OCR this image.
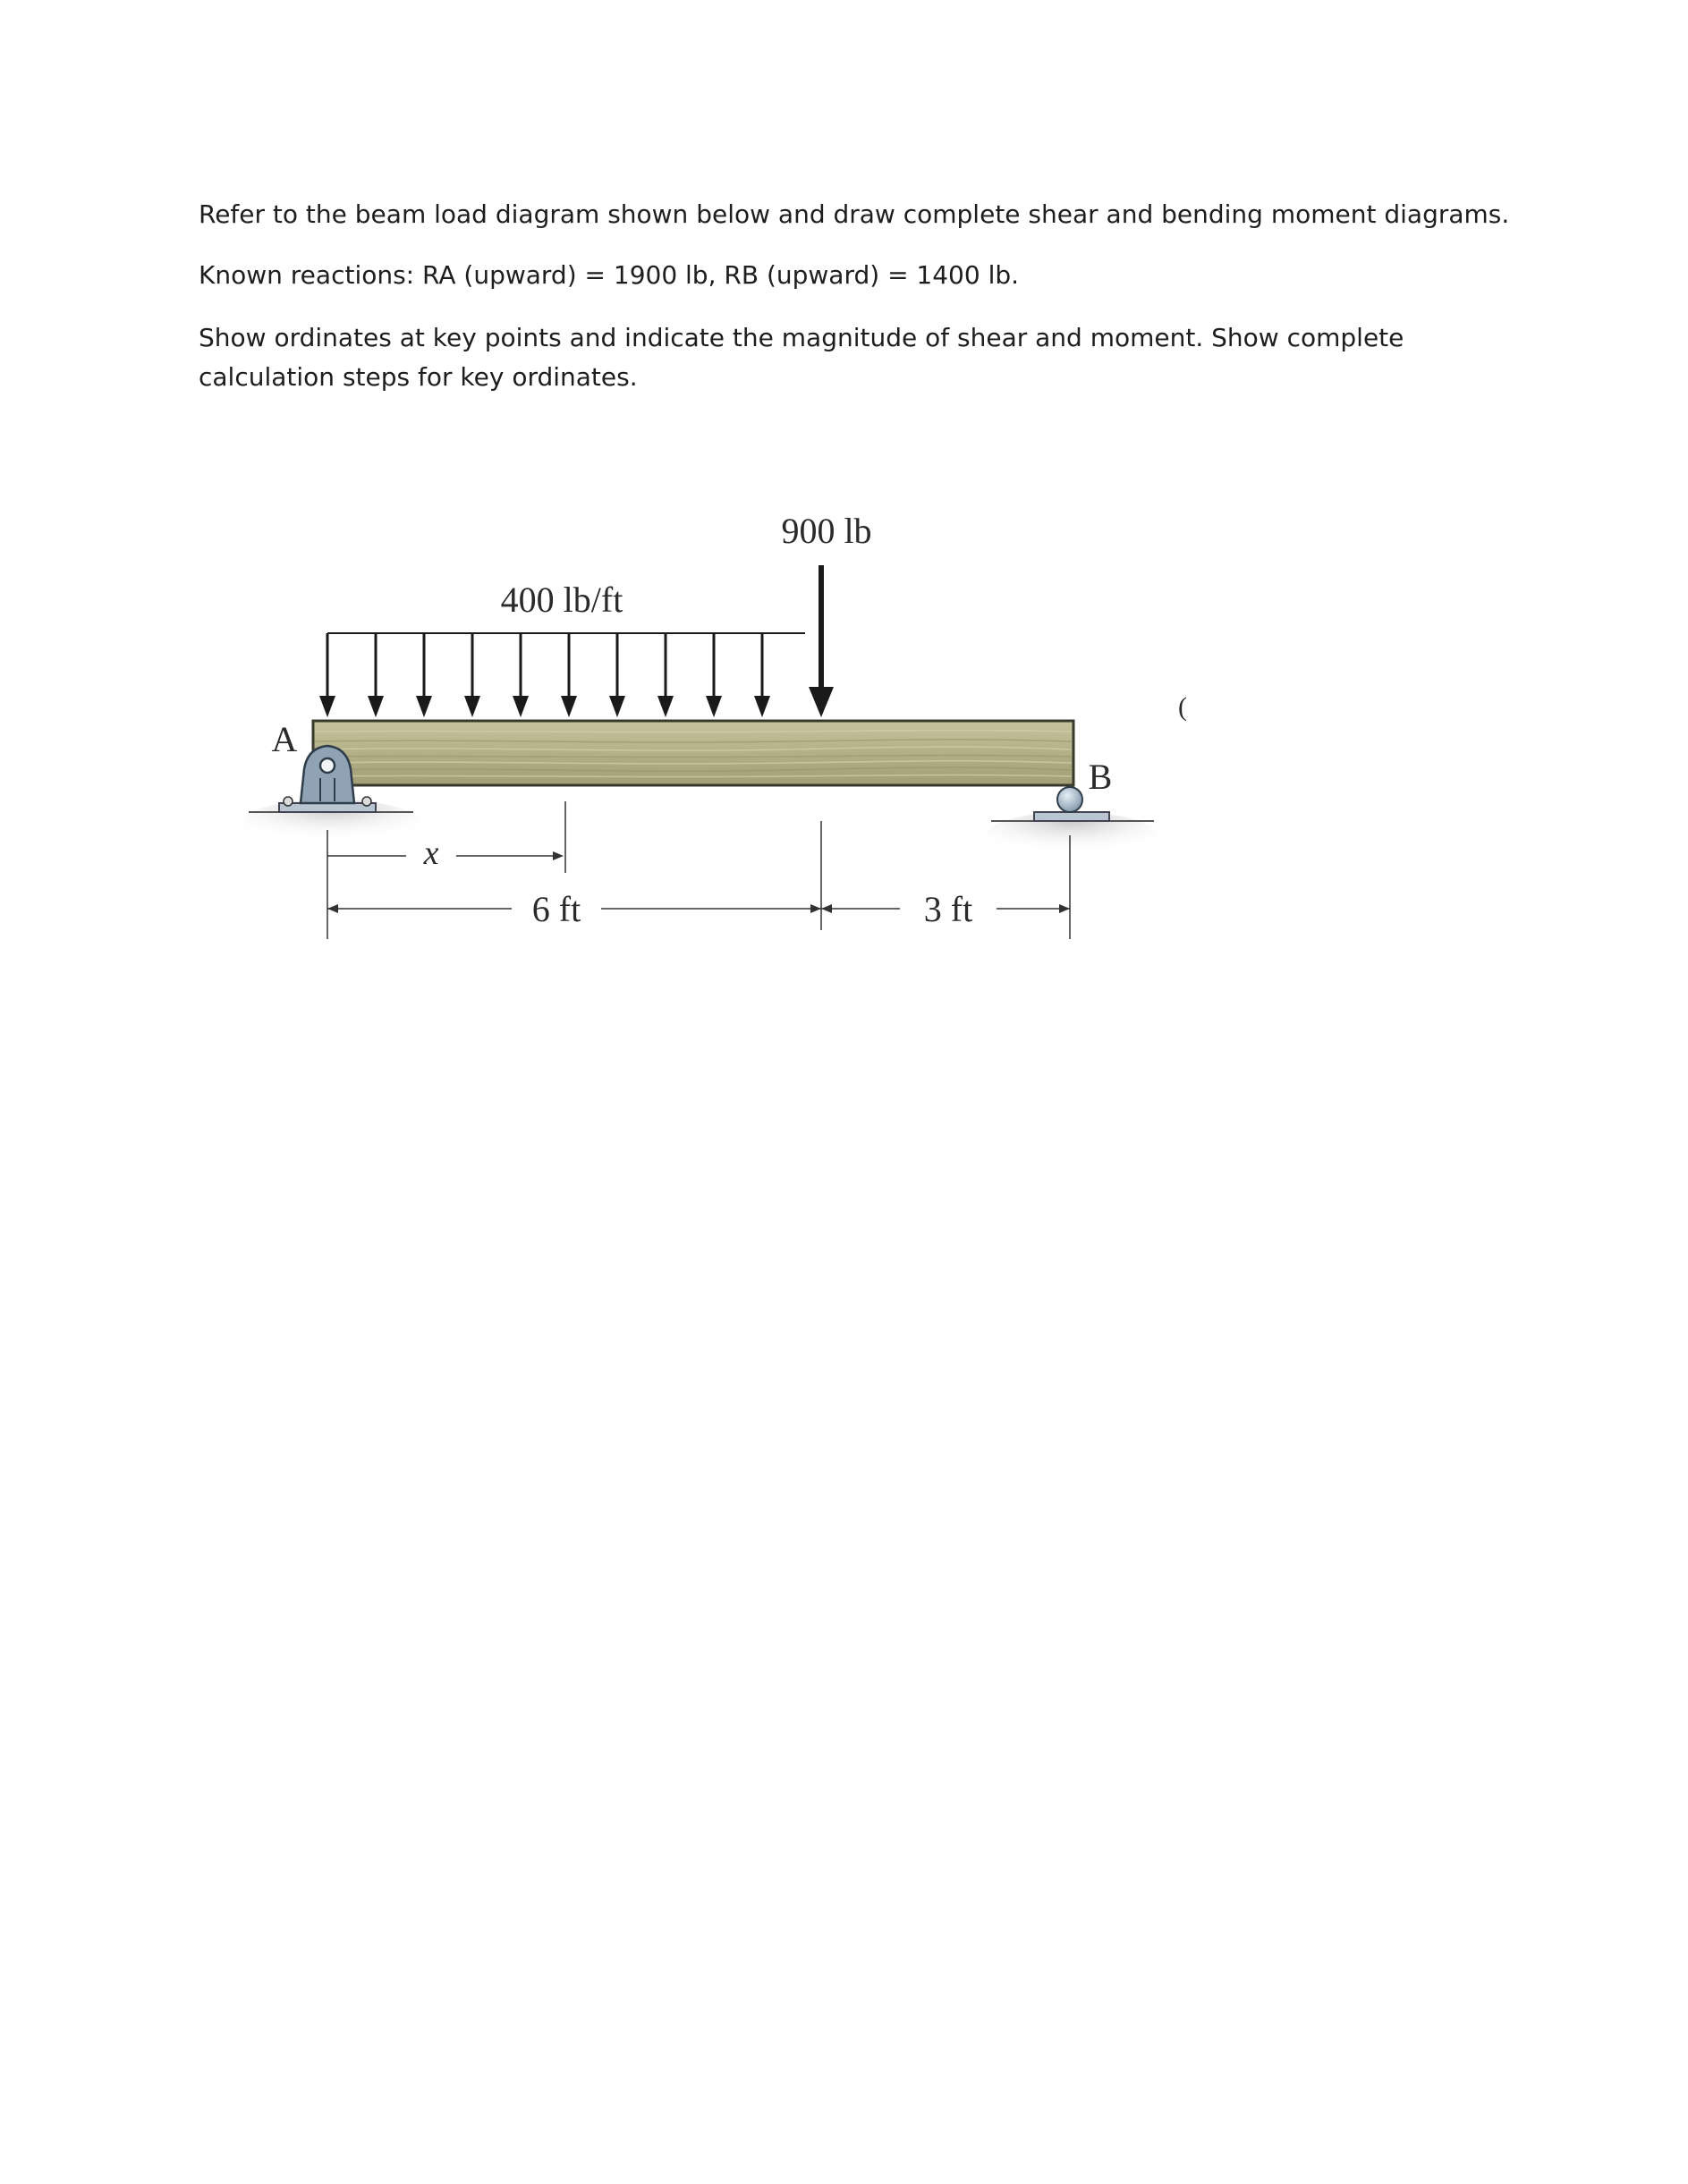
Refer to the beam load diagram shown below and draw complete shear and bending moment diagrams.

Known reactions: RA (upward) = 1900 lb, RB (upward) = 1400 lb.

Show ordinates at key points and indicate the magnitude of shear and moment. Show complete

calculation steps for key ordinates.

900 lb
400 lb/ft
A
B
(
x
6 ft	3 ft
